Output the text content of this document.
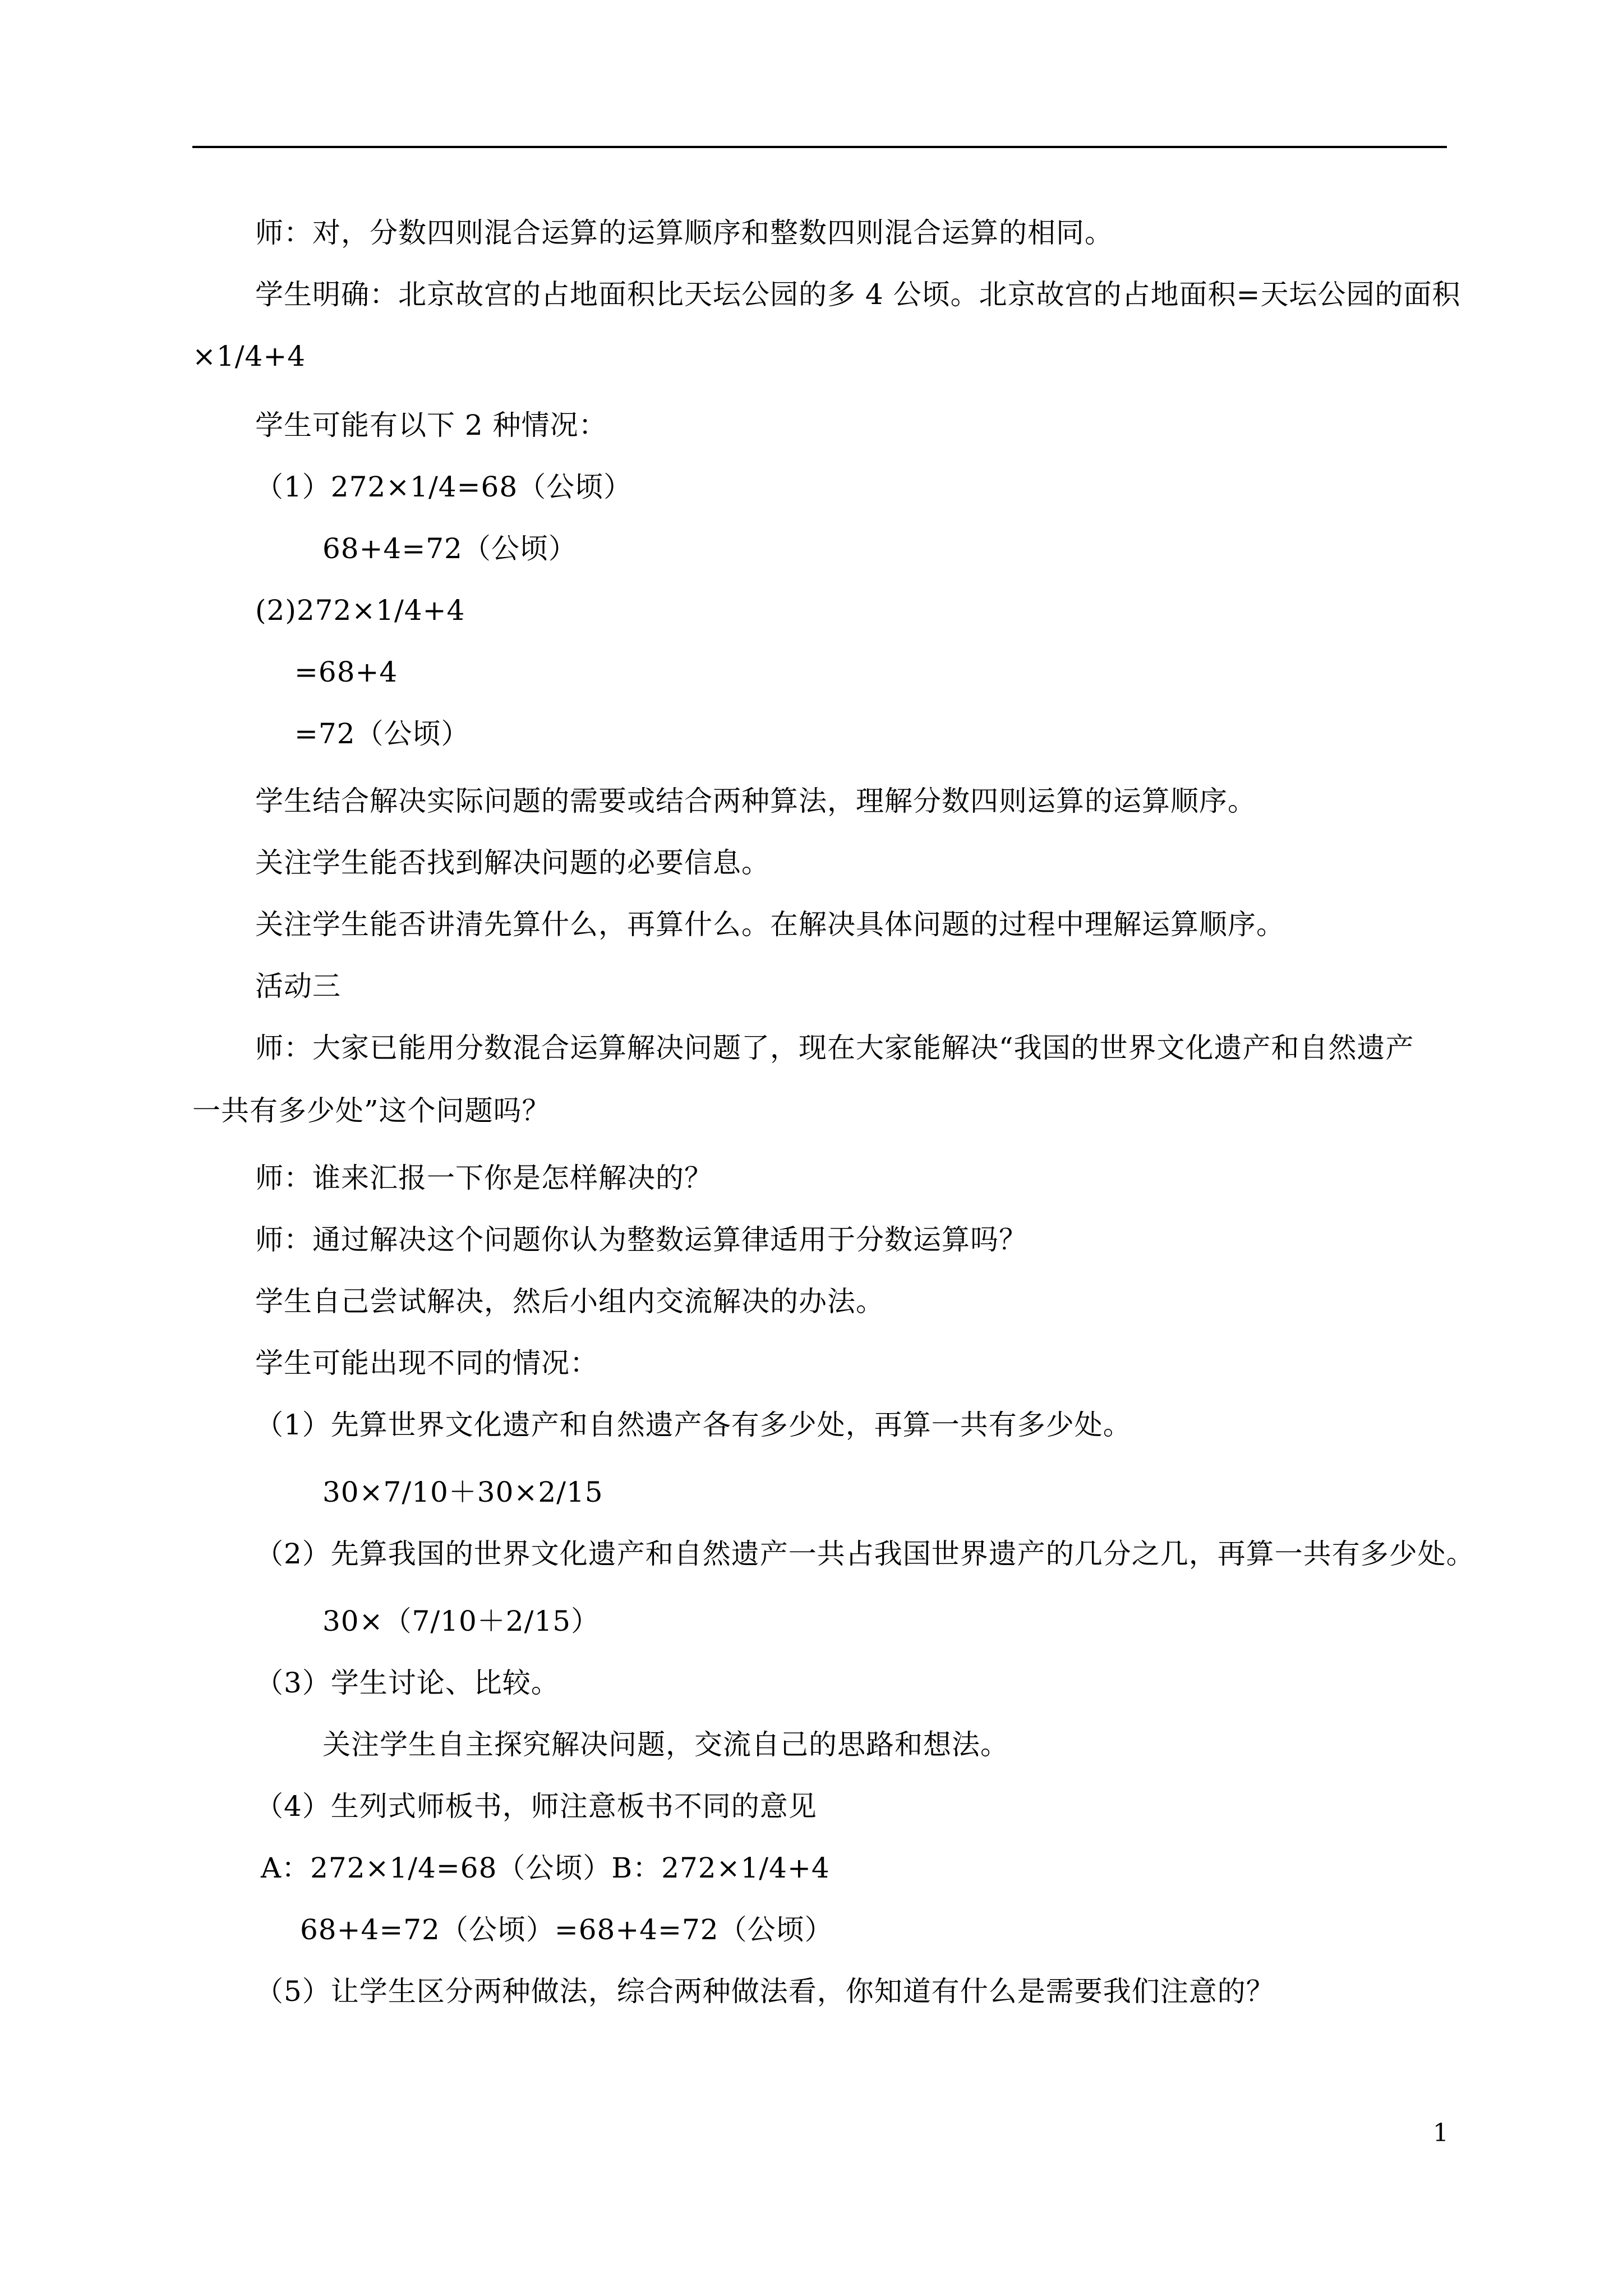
师：对，分数四则混合运算的运算顺序和整数四则混合运算的相同。
学生明确：北京故宫的占地面积比天坛公园的多 4 公顷。北京故宫的占地面积=天坛公园的面积
×1/4+4
学生可能有以下 2 种情况：
（1）272×1/4=68（公顷）
68+4=72（公顷）
(2)272×1/4+4
=68+4
=72（公顷）
学生结合解决实际问题的需要或结合两种算法，理解分数四则运算的运算顺序。
关注学生能否找到解决问题的必要信息。
关注学生能否讲清先算什么，再算什么。在解决具体问题的过程中理解运算顺序。
活动三
师：大家已能用分数混合运算解决问题了，现在大家能解决“我国的世界文化遗产和自然遗产
一共有多少处”这个问题吗？
师：谁来汇报一下你是怎样解决的？
师：通过解决这个问题你认为整数运算律适用于分数运算吗？
学生自己尝试解决，然后小组内交流解决的办法。
学生可能出现不同的情况：
（1）先算世界文化遗产和自然遗产各有多少处，再算一共有多少处。
30×7/10＋30×2/15
（2）先算我国的世界文化遗产和自然遗产一共占我国世界遗产的几分之几，再算一共有多少处。
30×（7/10＋2/15）
（3）学生讨论、比较。
关注学生自主探究解决问题，交流自己的思路和想法。
（4）生列式师板书，师注意板书不同的意见
A：272×1/4=68（公顷）B：272×1/4+4
68+4=72（公顷）=68+4=72（公顷）
（5）让学生区分两种做法，综合两种做法看，你知道有什么是需要我们注意的？
1
